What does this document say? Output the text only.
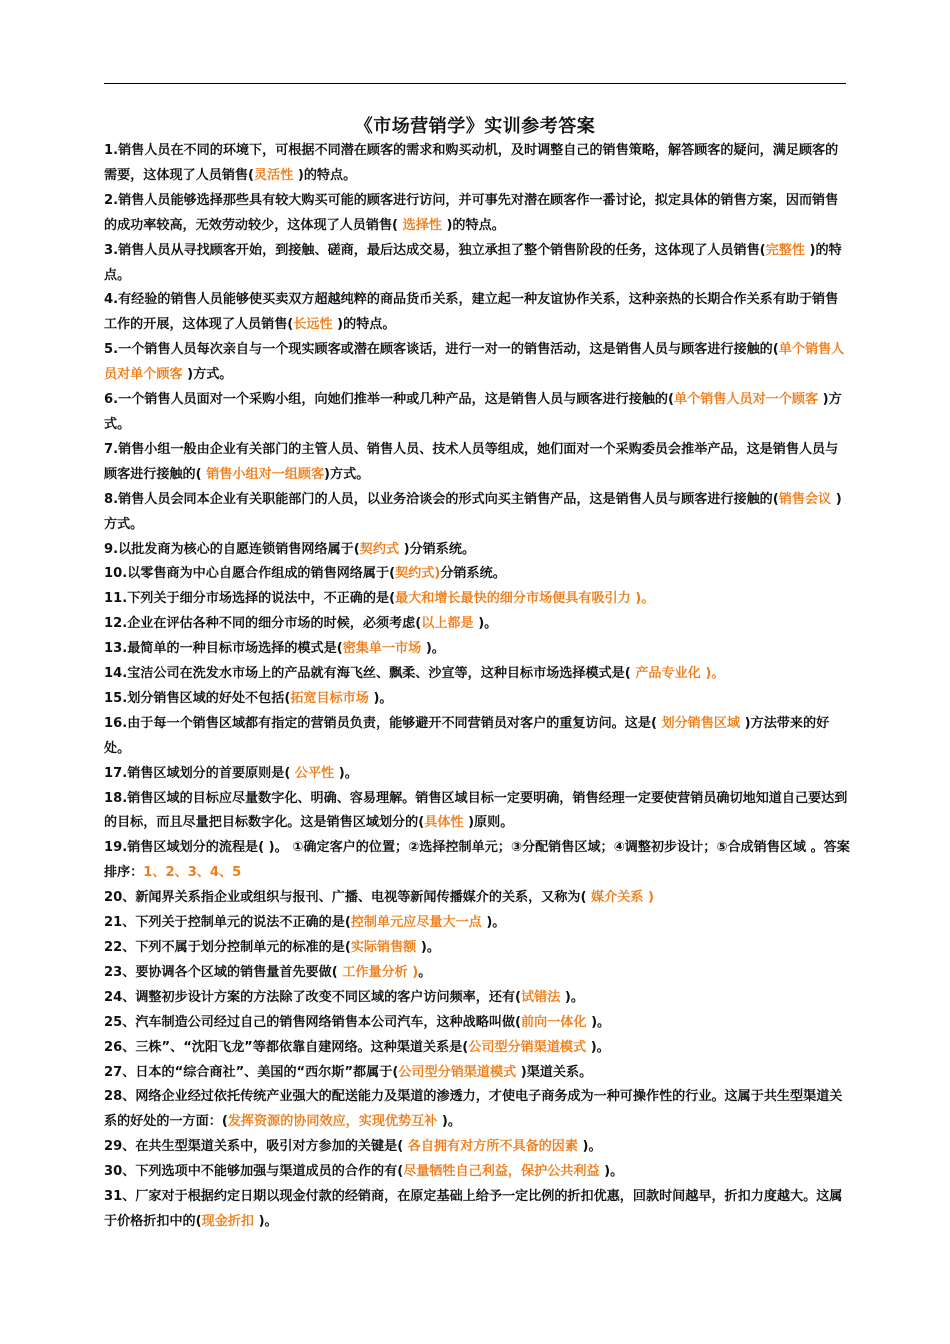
《市场营销学》实训参考答案

1.销售人员在不同的环境下，可根据不同潜在顾客的需求和购买动机，及时调整自己的销售策略，解答顾客的疑问，满足顾客的需要，这体现了人员销售(灵活性 )的特点。

2.销售人员能够选择那些具有较大购买可能的顾客进行访问，并可事先对潜在顾客作一番讨论，拟定具体的销售方案，因而销售的成功率较高，无效劳动较少，这体现了人员销售( 选择性 )的特点。

3.销售人员从寻找顾客开始，到接触、磋商，最后达成交易，独立承担了整个销售阶段的任务，这体现了人员销售(完整性 )的特点。

4.有经验的销售人员能够使买卖双方超越纯粹的商品货币关系，建立起一种友谊协作关系，这种亲热的长期合作关系有助于销售工作的开展，这体现了人员销售(长远性 )的特点。

5.一个销售人员每次亲自与一个现实顾客或潜在顾客谈话，进行一对一的销售活动，这是销售人员与顾客进行接触的(单个销售人员对单个顾客 )方式。

6.一个销售人员面对一个采购小组，向她们推举一种或几种产品，这是销售人员与顾客进行接触的(单个销售人员对一个顾客 )方式。

7.销售小组一般由企业有关部门的主管人员、销售人员、技术人员等组成，她们面对一个采购委员会推举产品，这是销售人员与顾客进行接触的( 销售小组对一组顾客)方式。

8.销售人员会同本企业有关职能部门的人员，以业务洽谈会的形式向买主销售产品，这是销售人员与顾客进行接触的(销售会议 )方式。

9.以批发商为核心的自愿连锁销售网络属于(契约式 )分销系统。

10.以零售商为中心自愿合作组成的销售网络属于(契约式)分销系统。

11.下列关于细分市场选择的说法中，不正确的是(最大和增长最快的细分市场便具有吸引力 )。

12.企业在评估各种不同的细分市场的时候，必须考虑(以上都是 )。

13.最简单的一种目标市场选择的模式是(密集单一市场 )。

14.宝洁公司在洗发水市场上的产品就有海飞丝、飘柔、沙宣等，这种目标市场选择模式是( 产品专业化 )。

15.划分销售区域的好处不包括(拓宽目标市场 )。

16.由于每一个销售区域都有指定的营销员负责，能够避开不同营销员对客户的重复访问。这是( 划分销售区域 )方法带来的好处。

17.销售区域划分的首要原则是( 公平性 )。

18.销售区域的目标应尽量数字化、明确、容易理解。销售区域目标一定要明确，销售经理一定要使营销员确切地知道自己要达到的目标，而且尽量把目标数字化。这是销售区域划分的(具体性 )原则。

19.销售区域划分的流程是( )。 ①确定客户的位置；②选择控制单元；③分配销售区域；④调整初步设计；⑤合成销售区域 。答案排序：1、2、3、4、5

20、新闻界关系指企业或组织与报刊、广播、电视等新闻传播媒介的关系，又称为( 媒介关系 )

21、下列关于控制单元的说法不正确的是(控制单元应尽量大一点 )。

22、下列不属于划分控制单元的标准的是(实际销售额 )。

23、要协调各个区域的销售量首先要做( 工作量分析 )。

24、调整初步设计方案的方法除了改变不同区域的客户访问频率，还有(试错法 )。

25、汽车制造公司经过自己的销售网络销售本公司汽车，这种战略叫做(前向一体化 )。

26、三株”、“沈阳飞龙”等都依靠自建网络。这种渠道关系是(公司型分销渠道模式 )。

27、日本的“综合商社”、美国的“西尔斯”都属于(公司型分销渠道模式 )渠道关系。

28、网络企业经过依托传统产业强大的配送能力及渠道的渗透力，才使电子商务成为一种可操作性的行业。这属于共生型渠道关系的好处的一方面：(发挥资源的协同效应，实现优势互补 )。

29、在共生型渠道关系中，吸引对方参加的关键是( 各自拥有对方所不具备的因素 )。

30、下列选项中不能够加强与渠道成员的合作的有(尽量牺牲自己利益，保护公共利益 )。

31、厂家对于根据约定日期以现金付款的经销商，在原定基础上给予一定比例的折扣优惠，回款时间越早，折扣力度越大。这属于价格折扣中的(现金折扣 )。
